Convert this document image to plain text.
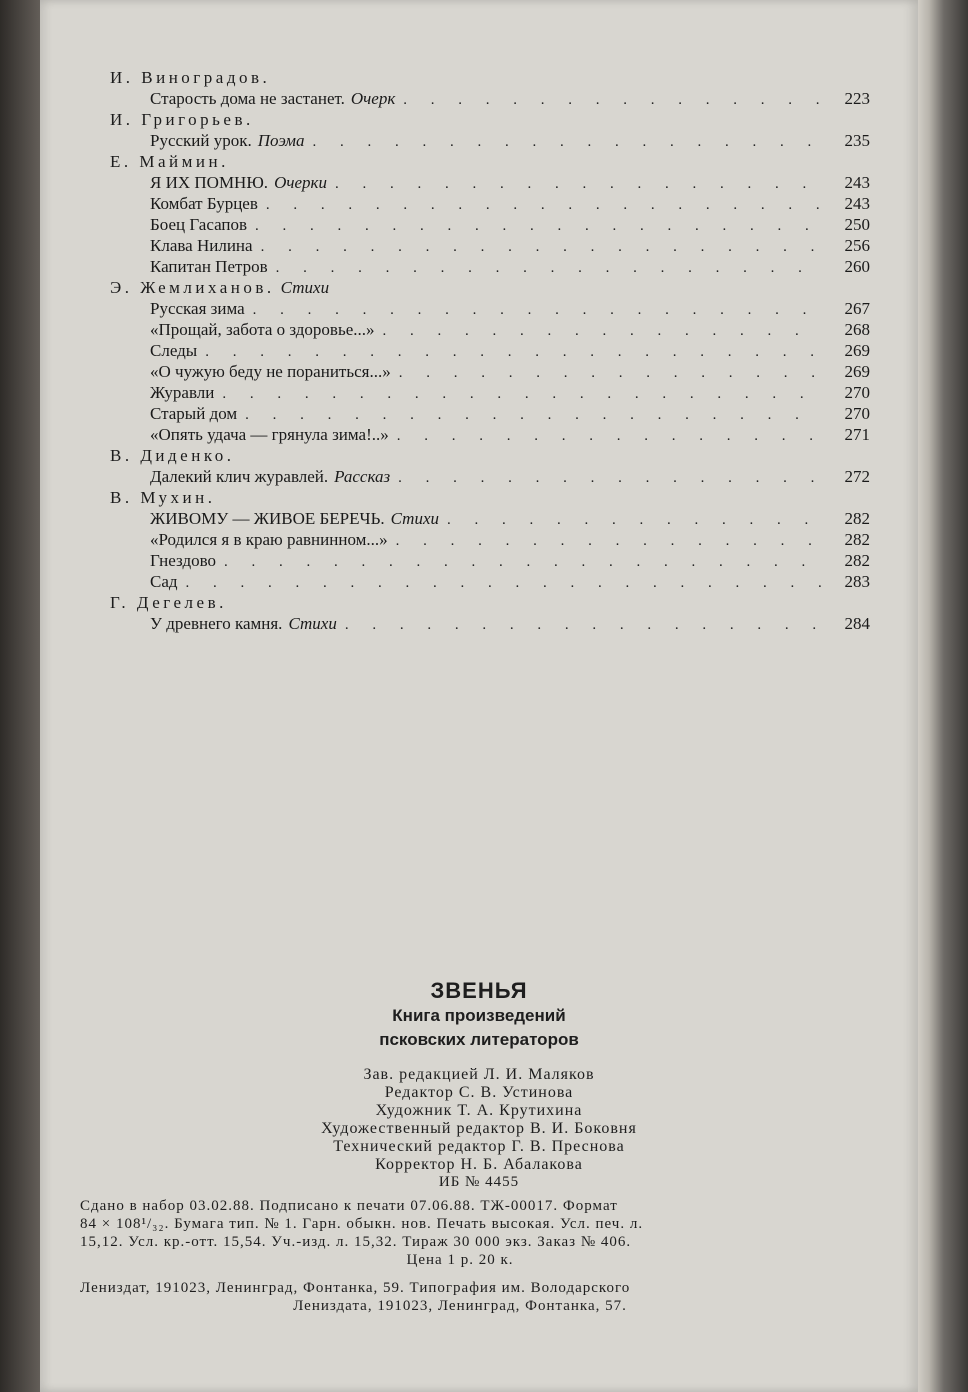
И. Виноградов.
Старость дома не застанет. Очерк . . .	223
И. Григорьев.
Русский урок. Поэма . . .	235
Е. Маймин.
Я ИХ ПОМНЮ. Очерки . . .	243
Комбат Бурцев . . .	243
Боец Гасапов . . .	250
Клава Нилина . . .	256
Капитан Петров . . .	260
Э. Жемлиханов. Стихи
Русская зима . . .	267
«Прощай, забота о здоровье...» . . .	268
Следы . . .	269
«О чужую беду не пораниться...» . . .	269
Журавли . . .	270
Старый дом . . .	270
«Опять удача — грянула зима!..» . . .	271
В. Диденко.
Далекий клич журавлей. Рассказ . . .	272
В. Мухин.
ЖИВОМУ — ЖИВОЕ БЕРЕЧЬ. Стихи . . .	282
«Родился я в краю равнинном...» . . .	282
Гнездово . . .	282
Сад . . .	283
Г. Дегелев.
У древнего камня. Стихи . . .	284
ЗВЕНЬЯ
Книга произведений
псковских литераторов
Зав. редакцией Л. И. Маляков
Редактор С. В. Устинова
Художник Т. А. Крутихина
Художественный редактор В. И. Боковня
Технический редактор Г. В. Преснова
Корректор Н. Б. Абалакова
ИБ № 4455
Сдано в набор 03.02.88. Подписано к печати 07.06.88. ТЖ-00017. Формат
84 × 108¹/₃₂. Бумага тип. № 1. Гарн. обыкн. нов. Печать высокая. Усл. печ. л.
15,12. Усл. кр.-отт. 15,54. Уч.-изд. л. 15,32. Тираж 30 000 экз. Заказ № 406.
Цена 1 р. 20 к.
Лениздат, 191023, Ленинград, Фонтанка, 59. Типография им. Володарского
Лениздата, 191023, Ленинград, Фонтанка, 57.
